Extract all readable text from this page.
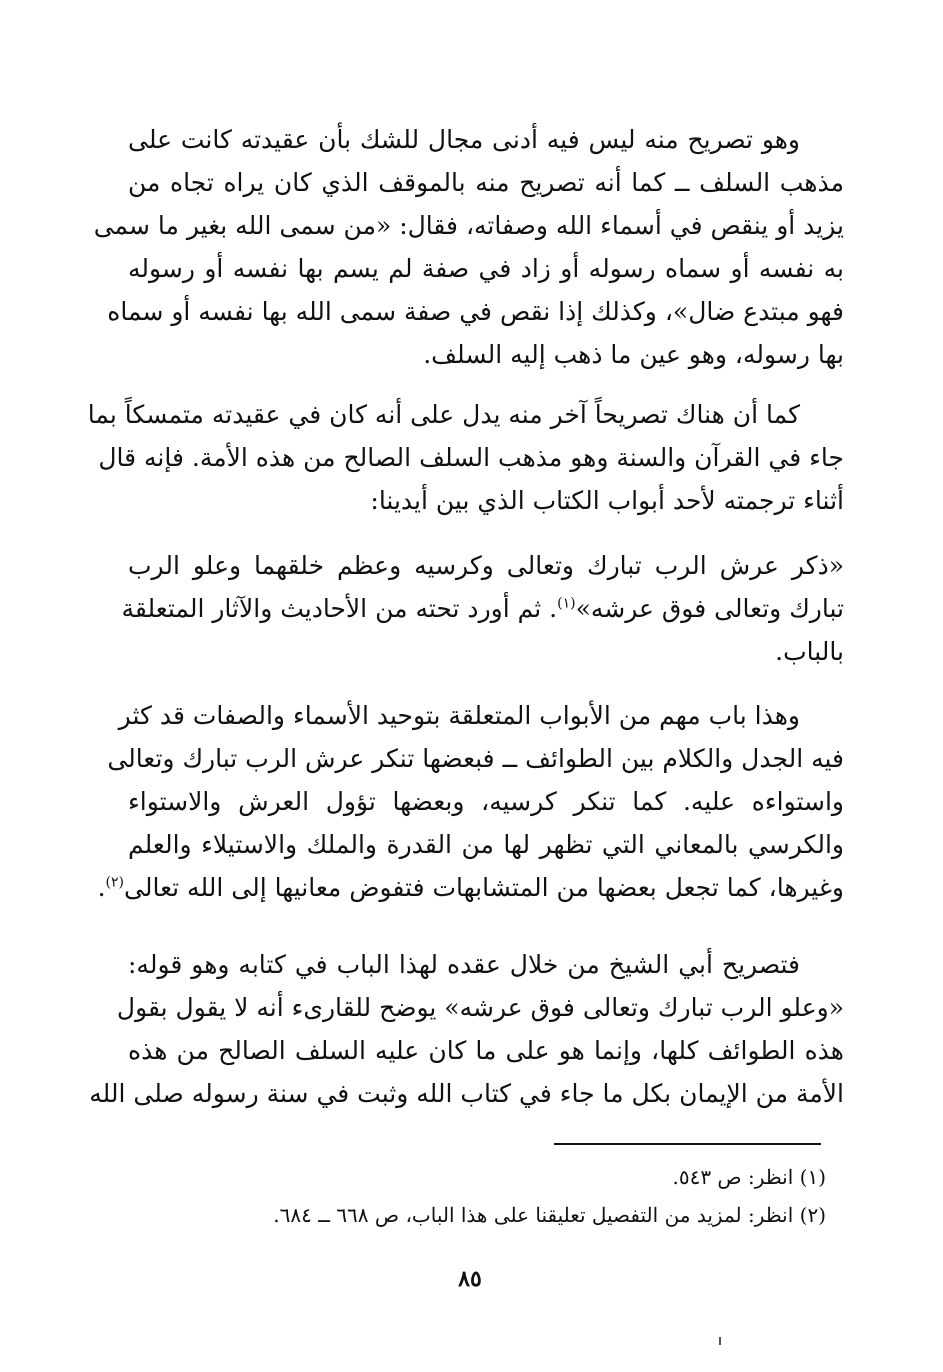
وهو تصريح منه ليس فيه أدنى مجال للشك بأن عقيدته كانت على
مذهب السلف ــ كما أنه تصريح منه بالموقف الذي كان يراه تجاه من
يزيد أو ينقص في أسماء الله وصفاته، فقال: «من سمى الله بغير ما سمى
به نفسه أو سماه رسوله أو زاد في صفة لم يسم بها نفسه أو رسوله
فهو مبتدع ضال»، وكذلك إذا نقص في صفة سمى الله بها نفسه أو سماه
بها رسوله، وهو عين ما ذهب إليه السلف.
كما أن هناك تصريحاً آخر منه يدل على أنه كان في عقيدته متمسكاً بما
جاء في القرآن والسنة وهو مذهب السلف الصالح من هذه الأمة. فإنه قال
أثناء ترجمته لأحد أبواب الكتاب الذي بين أيدينا:
«ذكر عرش الرب تبارك وتعالى وكرسيه وعظم خلقهما وعلو الرب
تبارك وتعالى فوق عرشه»$^{(١)}$. ثم أورد تحته من الأحاديث والآثار المتعلقة
بالباب.
وهذا باب مهم من الأبواب المتعلقة بتوحيد الأسماء والصفات قد كثر
فيه الجدل والكلام بين الطوائف ــ فبعضها تنكر عرش الرب تبارك وتعالى
واستواءه عليه. كما تنكر كرسيه، وبعضها تؤول العرش والاستواء
والكرسي بالمعاني التي تظهر لها من القدرة والملك والاستيلاء والعلم
وغيرها، كما تجعل بعضها من المتشابهات فتفوض معانيها إلى الله تعالى$^{(٢)}$.
فتصريح أبي الشيخ من خلال عقده لهذا الباب في كتابه وهو قوله:
«وعلو الرب تبارك وتعالى فوق عرشه» يوضح للقارىء أنه لا يقول بقول
هذه الطوائف كلها، وإنما هو على ما كان عليه السلف الصالح من هذه
الأمة من الإيمان بكل ما جاء في كتاب الله وثبت في سنة رسوله صلى الله
(١) انظر: ص ٥٤٣.
(٢) انظر: لمزيد من التفصيل تعليقنا على هذا الباب، ص ٦٦٨ ــ ٦٨٤.
٨٥
